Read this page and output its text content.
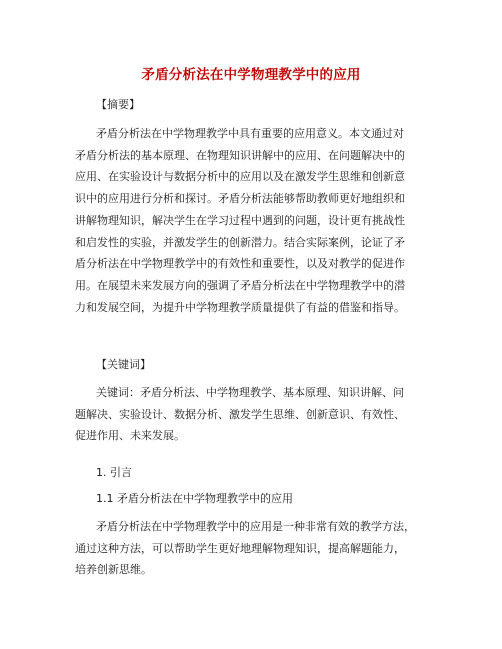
矛盾分析法在中学物理教学中的应用
【摘要】
矛盾分析法在中学物理教学中具有重要的应用意义。本文通过对
矛盾分析法的基本原理、在物理知识讲解中的应用、在问题解决中的
应用、在实验设计与数据分析中的应用以及在激发学生思维和创新意
识中的应用进行分析和探讨。矛盾分析法能够帮助教师更好地组织和
讲解物理知识，解决学生在学习过程中遇到的问题，设计更有挑战性
和启发性的实验，并激发学生的创新潜力。结合实际案例，论证了矛
盾分析法在中学物理教学中的有效性和重要性，以及对教学的促进作
用。在展望未来发展方向的强调了矛盾分析法在中学物理教学中的潜
力和发展空间，为提升中学物理教学质量提供了有益的借鉴和指导。
【关键词】
关键词：矛盾分析法、中学物理教学、基本原理、知识讲解、问
题解决、实验设计、数据分析、激发学生思维、创新意识、有效性、
促进作用、未来发展。
1. 引言
1.1 矛盾分析法在中学物理教学中的应用
矛盾分析法在中学物理教学中的应用是一种非常有效的教学方法，
通过这种方法，可以帮助学生更好地理解物理知识，提高解题能力，
培养创新思维。
